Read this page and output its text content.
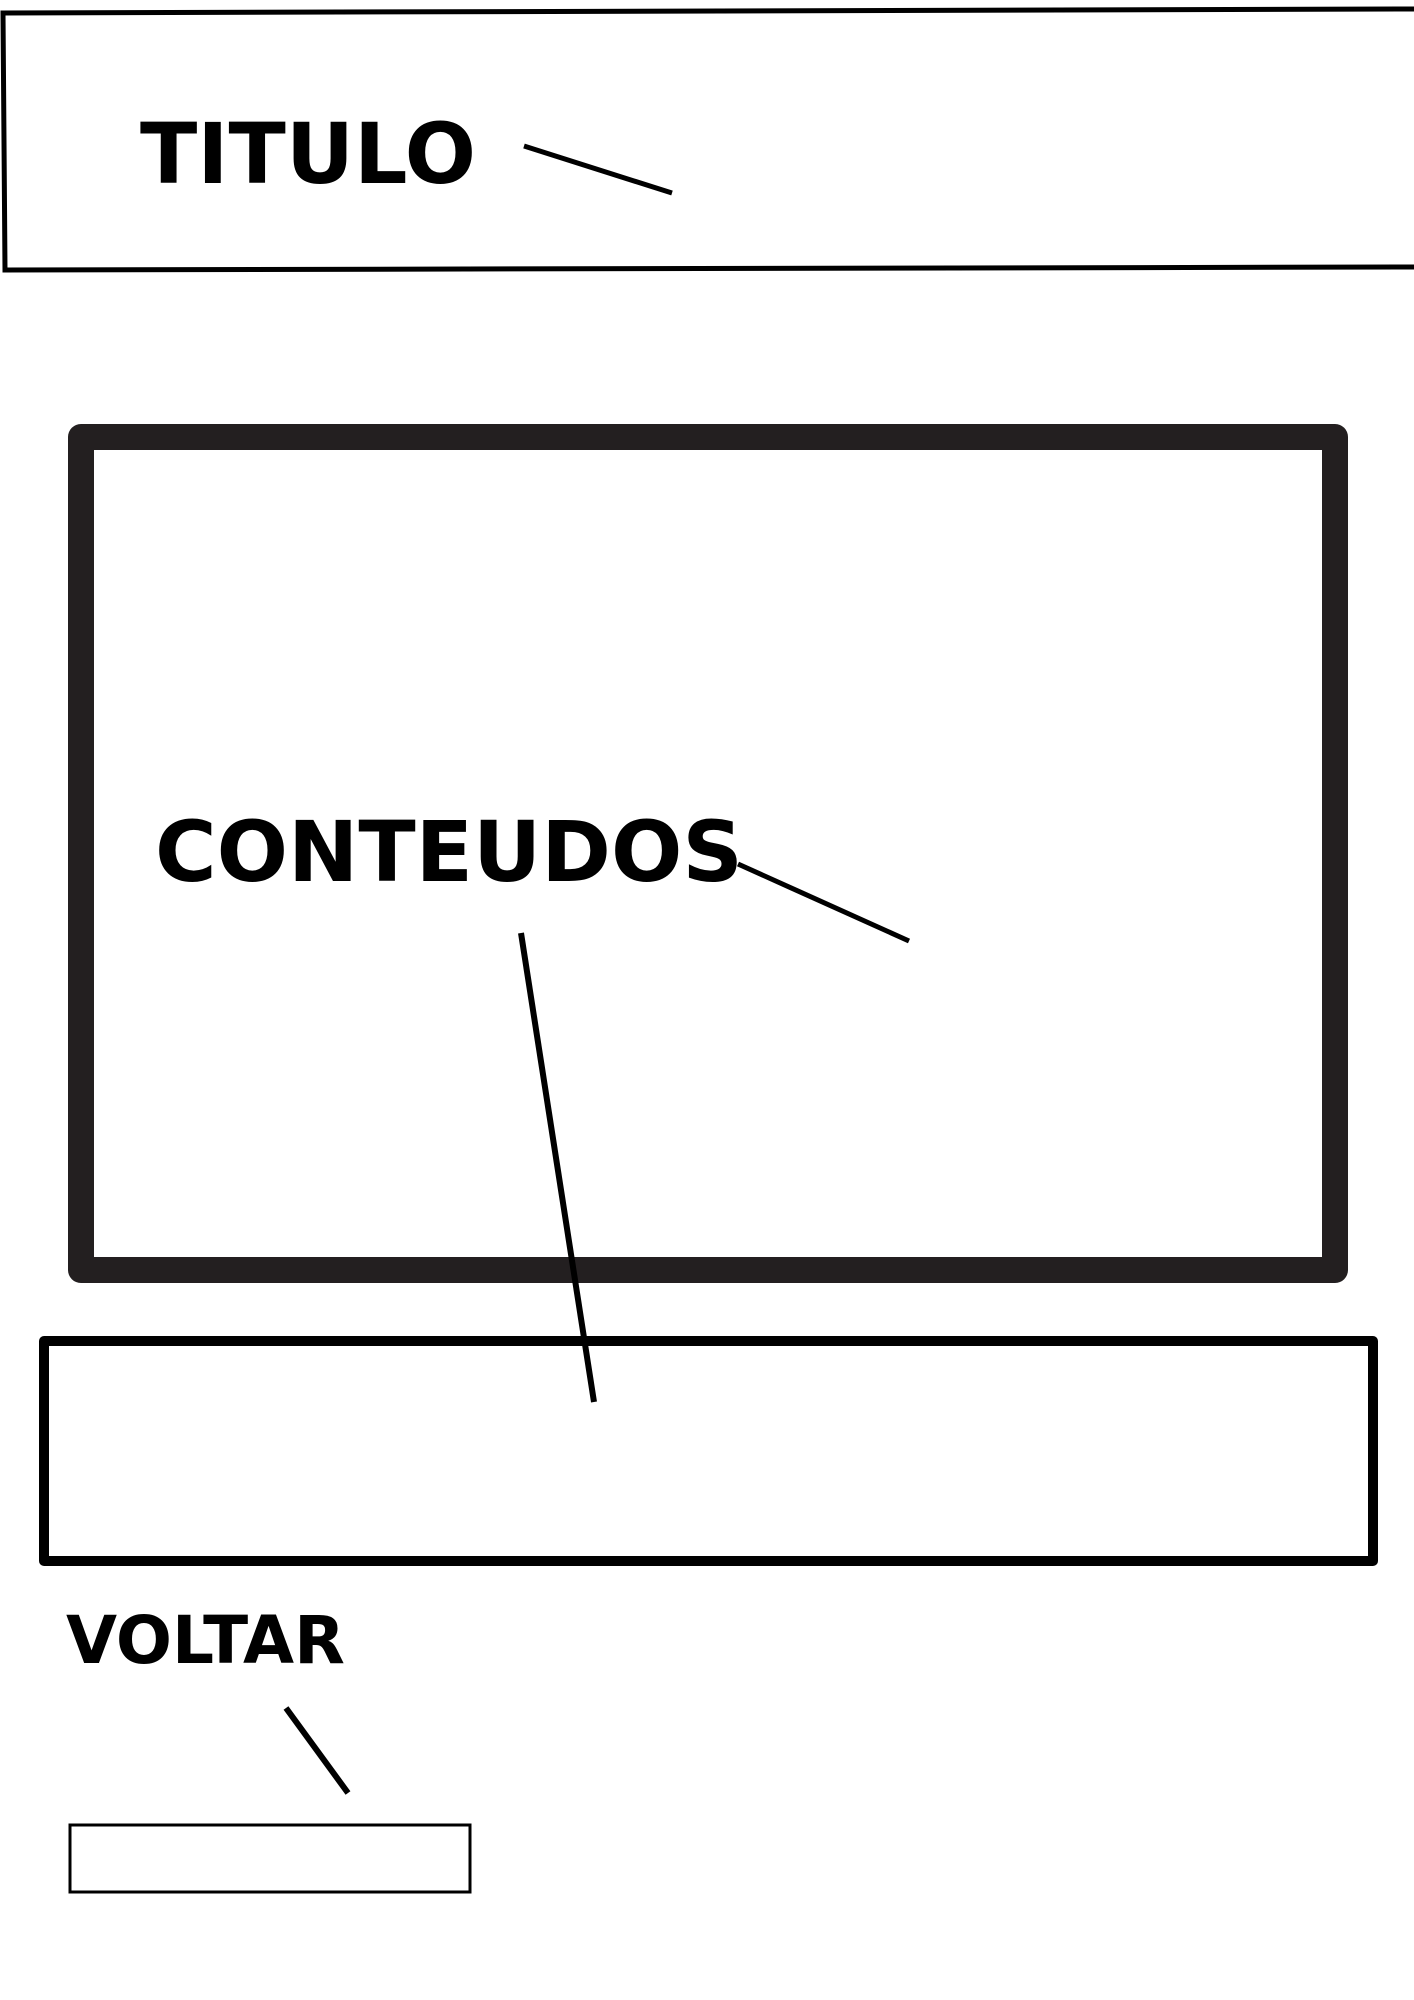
TITULO
CONTEUDOS
VOLTAR
